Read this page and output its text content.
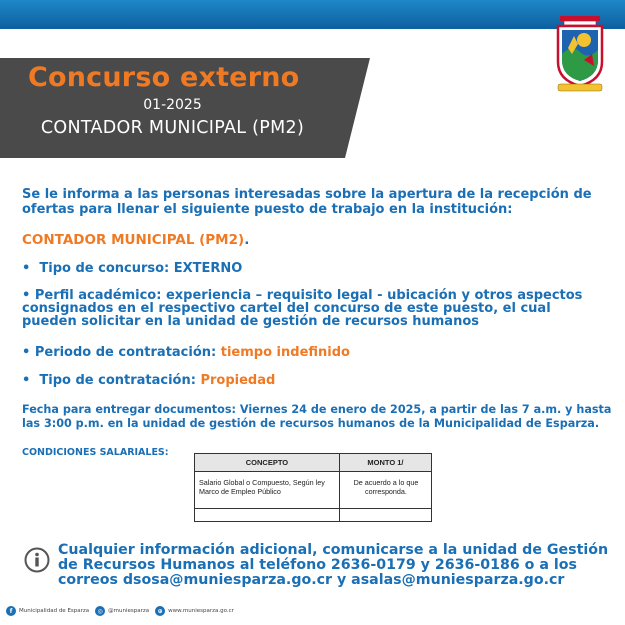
Concurso externo
01-2025
CONTADOR MUNICIPAL (PM2)
Se le informa a las personas interesadas sobre la apertura de la recepción de ofertas para llenar el siguiente puesto de trabajo en la institución:
CONTADOR MUNICIPAL (PM2).
•  Tipo de concurso: EXTERNO
• Perfil académico: experiencia – requisito legal - ubicación y otros aspectos consignados en el respectivo cartel del concurso de este puesto, el cual pueden solicitar en la unidad de gestión de recursos humanos
• Periodo de contratación: tiempo indefinido
•  Tipo de contratación: Propiedad
Fecha para entregar documentos: Viernes 24 de enero de 2025, a partir de las 7 a.m. y hasta las 3:00 p.m. en la unidad de gestión de recursos humanos de la Municipalidad de Esparza.
CONDICIONES SALARIALES:
CONCEPTO	MONTO 1/
Salario Global o Compuesto, Según ley Marco de Empleo Público	De acuerdo a lo que corresponda.

Cualquier información adicional, comunicarse a la unidad de Gestión de Recursos Humanos al teléfono 2636-0179 y 2636-0186 o a los correos dsosa@muniesparza.go.cr y asalas@muniesparza.go.cr
f	Municipalidad de Esparza	◎ @muniesparza	⊕ www.muniesparza.go.cr
